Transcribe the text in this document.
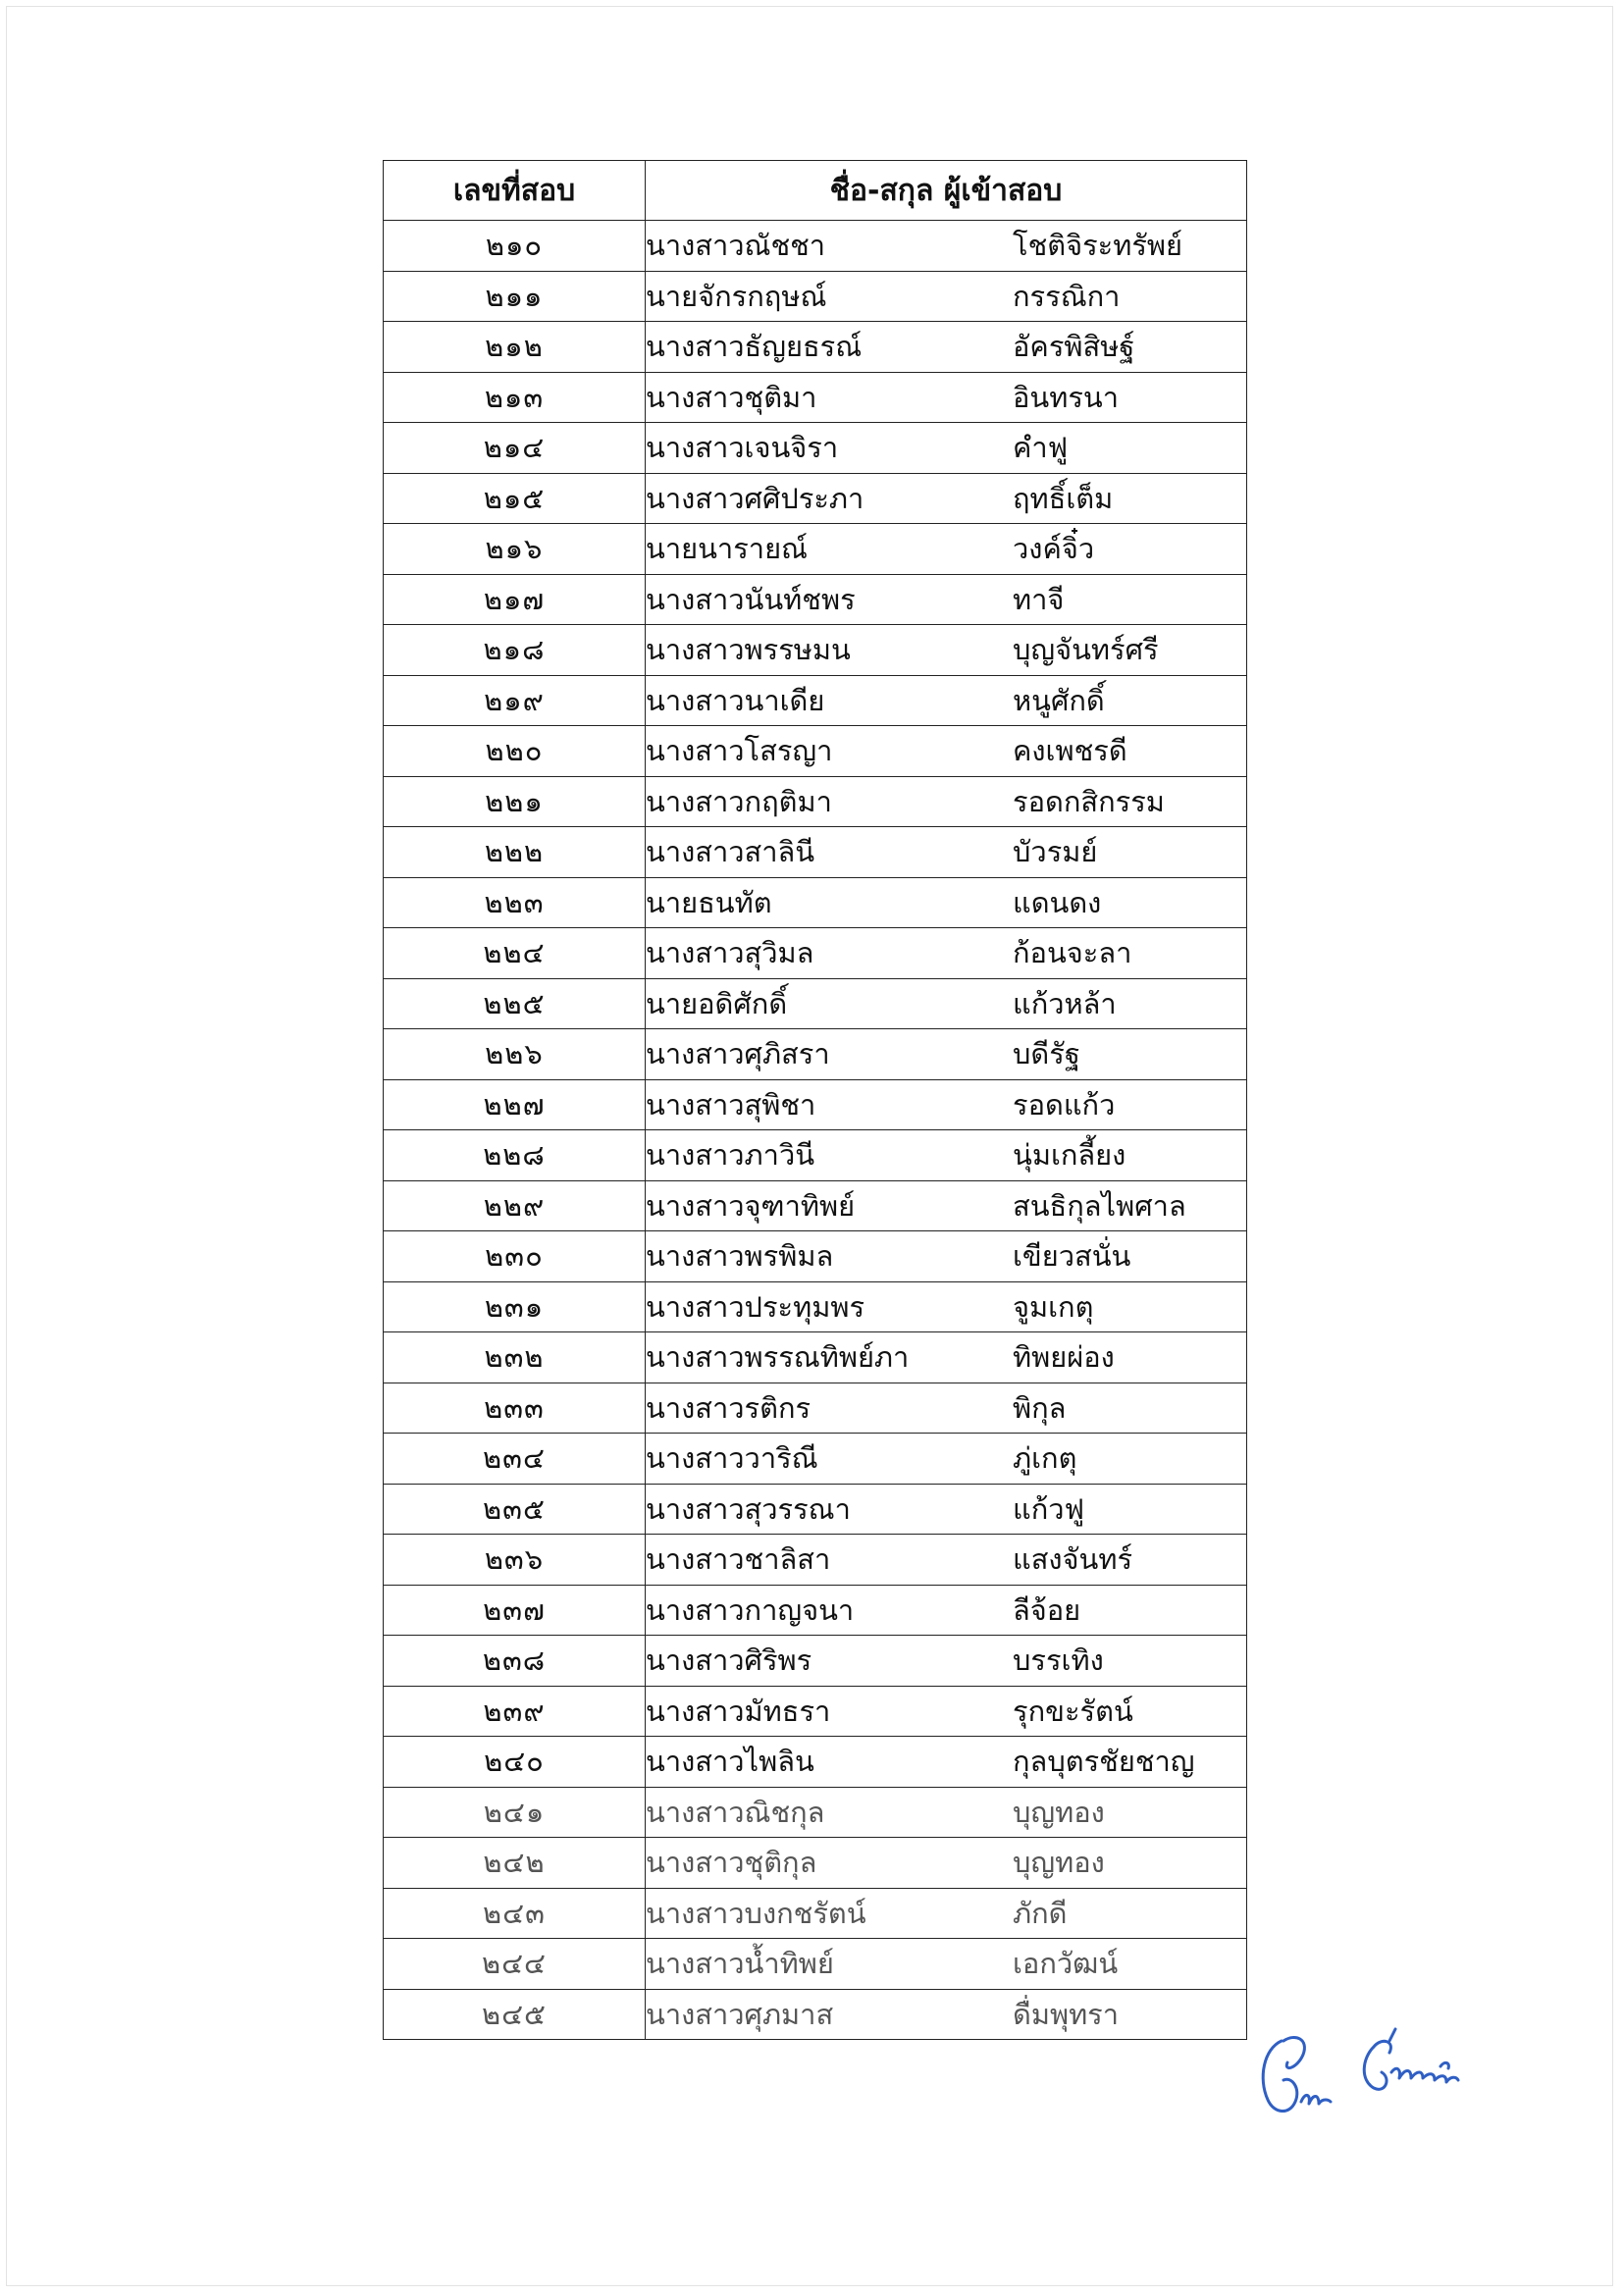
เลขที่สอบ	ชื่อ-สกุล ผู้เข้าสอบ
๒๑๐	นางสาวณัชชา โชติจิระทรัพย์

๒๑๑	นายจักรกฤษณ์ กรรณิกา

๒๑๒	นางสาวธัญยธรณ์ อัครพิสิษฐ์

๒๑๓	นางสาวชุติมา อินทรนา

๒๑๔	นางสาวเจนจิรา คำฟู

๒๑๕	นางสาวศศิประภา ฤทธิ์เต็ม

๒๑๖	นายนารายณ์ วงค์จิ๋ว

๒๑๗	นางสาวนันท์ชพร ทาจี

๒๑๘	นางสาวพรรษมน บุญจันทร์ศรี

๒๑๙	นางสาวนาเดีย หนูศักดิ์

๒๒๐	นางสาวโสรญา คงเพชรดี

๒๒๑	นางสาวกฤติมา รอดกสิกรรม

๒๒๒	นางสาวสาลินี บัวรมย์

๒๒๓	นายธนทัต แดนดง

๒๒๔	นางสาวสุวิมล ก้อนจะลา

๒๒๕	นายอดิศักดิ์ แก้วหล้า

๒๒๖	นางสาวศุภิสรา บดีรัฐ

๒๒๗	นางสาวสุพิชา รอดแก้ว

๒๒๘	นางสาวภาวินี นุ่มเกลี้ยง

๒๒๙	นางสาวจุฑาทิพย์ สนธิกุลไพศาล

๒๓๐	นางสาวพรพิมล เขียวสนั่น

๒๓๑	นางสาวประทุมพร จูมเกตุ

๒๓๒	นางสาวพรรณทิพย์ภา ทิพยผ่อง

๒๓๓	นางสาวรติกร พิกุล

๒๓๔	นางสาววาริณี ภู่เกตุ

๒๓๕	นางสาวสุวรรณา แก้วฟู

๒๓๖	นางสาวชาลิสา แสงจันทร์

๒๓๗	นางสาวกาญจนา ลีจ้อย

๒๓๘	นางสาวศิริพร บรรเทิง

๒๓๙	นางสาวมัทธรา รุกขะรัตน์

๒๔๐	นางสาวไพลิน กุลบุตรชัยชาญ

๒๔๑	นางสาวณิชกุล บุญทอง

๒๔๒	นางสาวชุติกุล บุญทอง

๒๔๓	นางสาวบงกชรัตน์ ภักดี

๒๔๔	นางสาวน้ำทิพย์ เอกวัฒน์

๒๔๕	นางสาวศุภมาส ดื่มพุทรา
